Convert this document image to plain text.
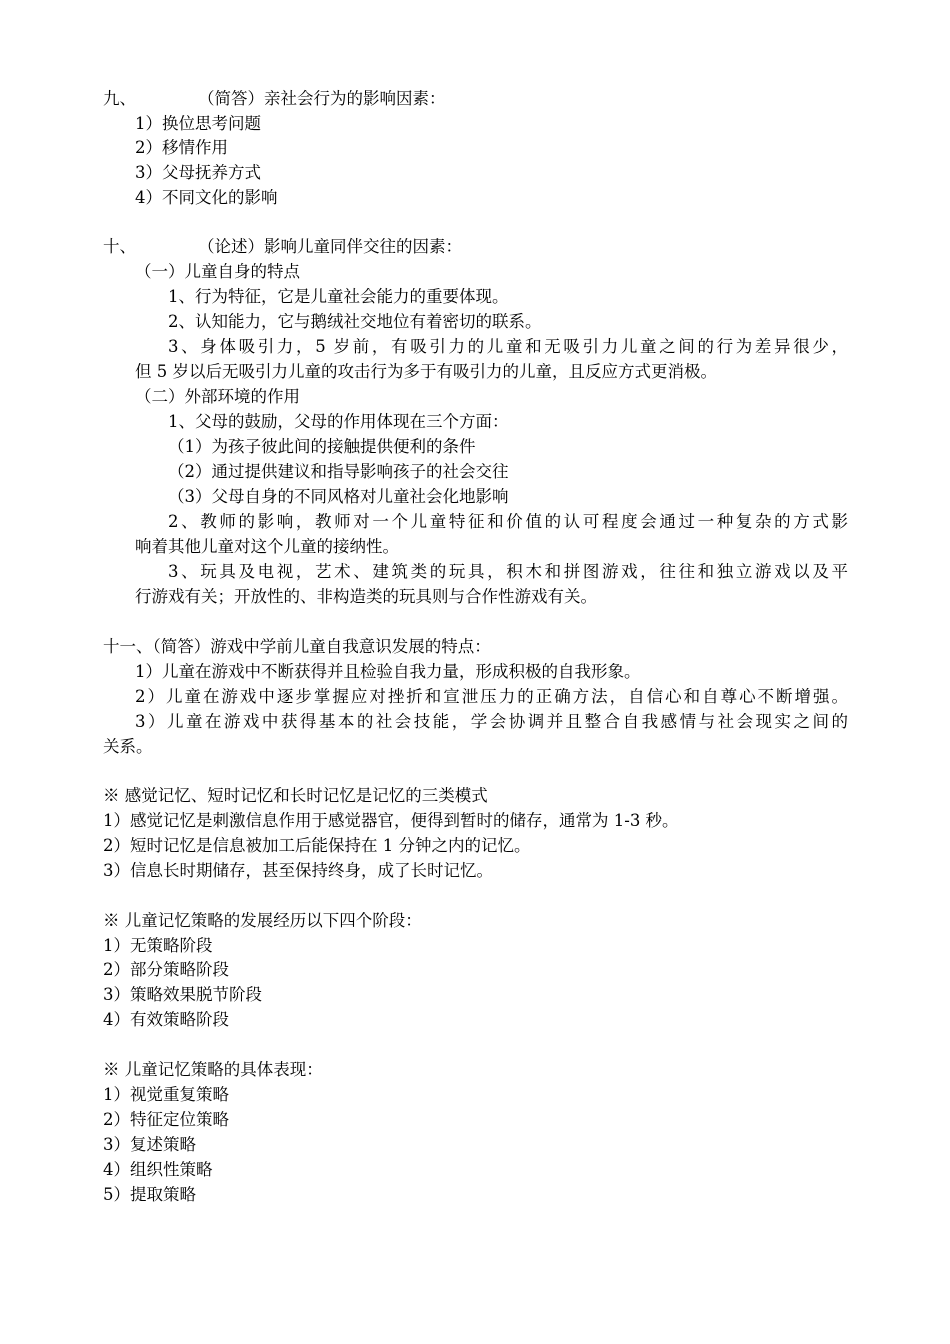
九、	（简答）亲社会行为的影响因素：
1）换位思考问题
2）移情作用
3）父母抚养方式
4）不同文化的影响
十、	（论述）影响儿童同伴交往的因素：
（一）儿童自身的特点
1、行为特征，它是儿童社会能力的重要体现。
2、认知能力，它与鹅绒社交地位有着密切的联系。
3、身体吸引力，5 岁前，有吸引力的儿童和无吸引力儿童之间的行为差异很少，
但 5 岁以后无吸引力儿童的攻击行为多于有吸引力的儿童，且反应方式更消极。
（二）外部环境的作用
1、父母的鼓励，父母的作用体现在三个方面：
（1）为孩子彼此间的接触提供便利的条件
（2）通过提供建议和指导影响孩子的社会交往
（3）父母自身的不同风格对儿童社会化地影响
2、教师的影响，教师对一个儿童特征和价值的认可程度会通过一种复杂的方式影
响着其他儿童对这个儿童的接纳性。
3、玩具及电视，艺术、建筑类的玩具，积木和拼图游戏，往往和独立游戏以及平
行游戏有关；开放性的、非构造类的玩具则与合作性游戏有关。
十一、（简答）游戏中学前儿童自我意识发展的特点：
1）儿童在游戏中不断获得并且检验自我力量，形成积极的自我形象。
2）儿童在游戏中逐步掌握应对挫折和宣泄压力的正确方法，自信心和自尊心不断增强。
3）儿童在游戏中获得基本的社会技能，学会协调并且整合自我感情与社会现实之间的
关系。
※ 感觉记忆、短时记忆和长时记忆是记忆的三类模式
1）感觉记忆是刺激信息作用于感觉器官，便得到暂时的储存，通常为 1-3 秒。
2）短时记忆是信息被加工后能保持在 1 分钟之内的记忆。
3）信息长时期储存，甚至保持终身，成了长时记忆。
※ 儿童记忆策略的发展经历以下四个阶段：
1）无策略阶段
2）部分策略阶段
3）策略效果脱节阶段
4）有效策略阶段
※ 儿童记忆策略的具体表现：
1）视觉重复策略
2）特征定位策略
3）复述策略
4）组织性策略
5）提取策略
